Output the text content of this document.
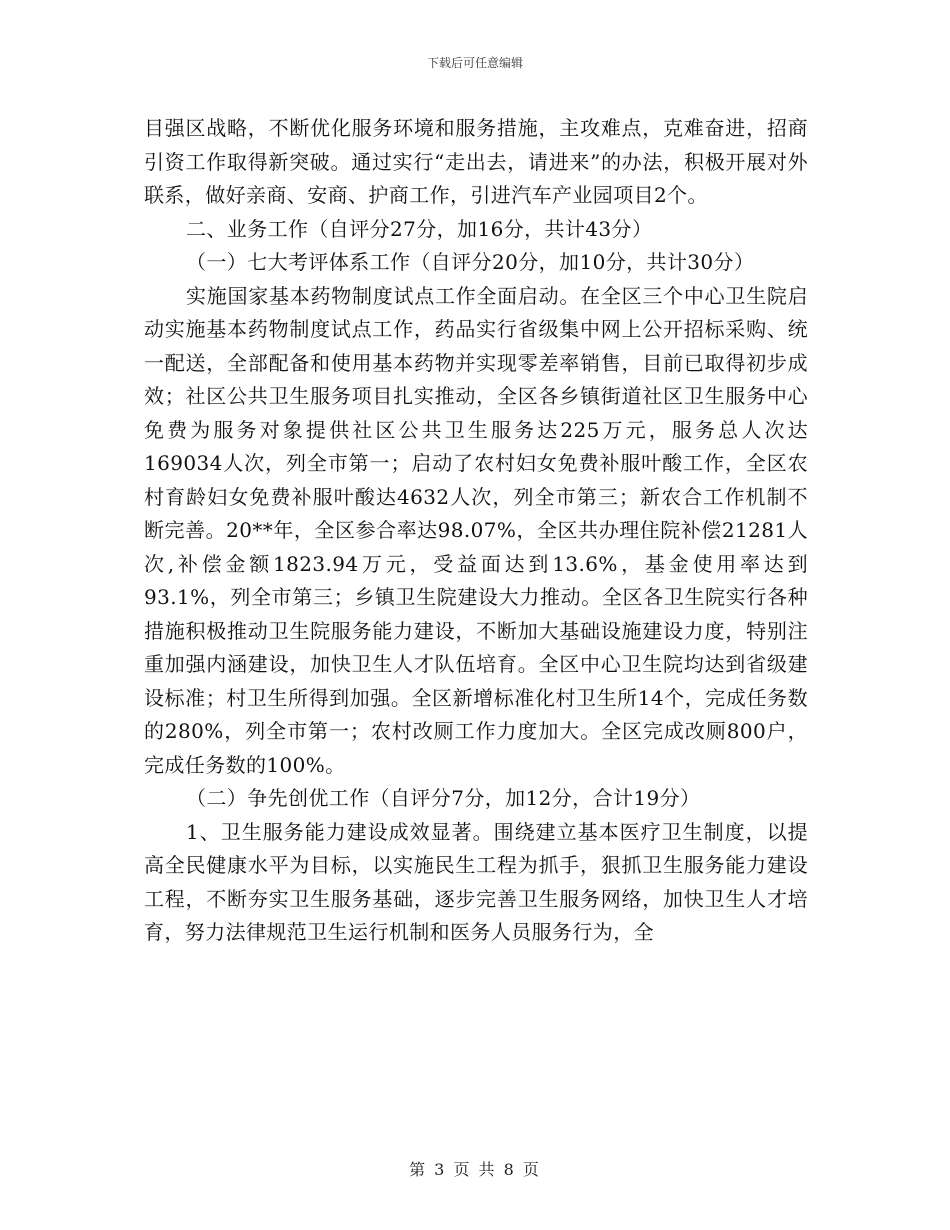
下载后可任意编辑

目强区战略，不断优化服务环境和服务措施，主攻难点，克难奋进，招商引资工作取得新突破。通过实行“走出去，请进来”的办法，积极开展对外联系，做好亲商、安商、护商工作，引进汽车产业园项目2个。

二、业务工作（自评分27分，加16分，共计43分）

（一）七大考评体系工作（自评分20分，加10分，共计30分）

实施国家基本药物制度试点工作全面启动。在全区三个中心卫生院启动实施基本药物制度试点工作，药品实行省级集中网上公开招标采购、统一配送，全部配备和使用基本药物并实现零差率销售，目前已取得初步成效；社区公共卫生服务项目扎实推动，全区各乡镇街道社区卫生服务中心免费为服务对象提供社区公共卫生服务达225万元，服务总人次达169034人次，列全市第一；启动了农村妇女免费补服叶酸工作，全区农村育龄妇女免费补服叶酸达4632人次，列全市第三；新农合工作机制不断完善。20**年，全区参合率达98.07%，全区共办理住院补偿21281人次,补偿金额1823.94万元，受益面达到13.6%，基金使用率达到93.1%，列全市第三；乡镇卫生院建设大力推动。全区各卫生院实行各种措施积极推动卫生院服务能力建设，不断加大基础设施建设力度，特别注重加强内涵建设，加快卫生人才队伍培育。全区中心卫生院均达到省级建设标准；村卫生所得到加强。全区新增标准化村卫生所14个，完成任务数的280%，列全市第一；农村改厕工作力度加大。全区完成改厕800户，完成任务数的100%。

（二）争先创优工作（自评分7分，加12分，合计19分）

1、卫生服务能力建设成效显著。围绕建立基本医疗卫生制度，以提高全民健康水平为目标，以实施民生工程为抓手，狠抓卫生服务能力建设工程，不断夯实卫生服务基础，逐步完善卫生服务网络，加快卫生人才培育，努力法律规范卫生运行机制和医务人员服务行为，全

第 3 页 共 8 页
